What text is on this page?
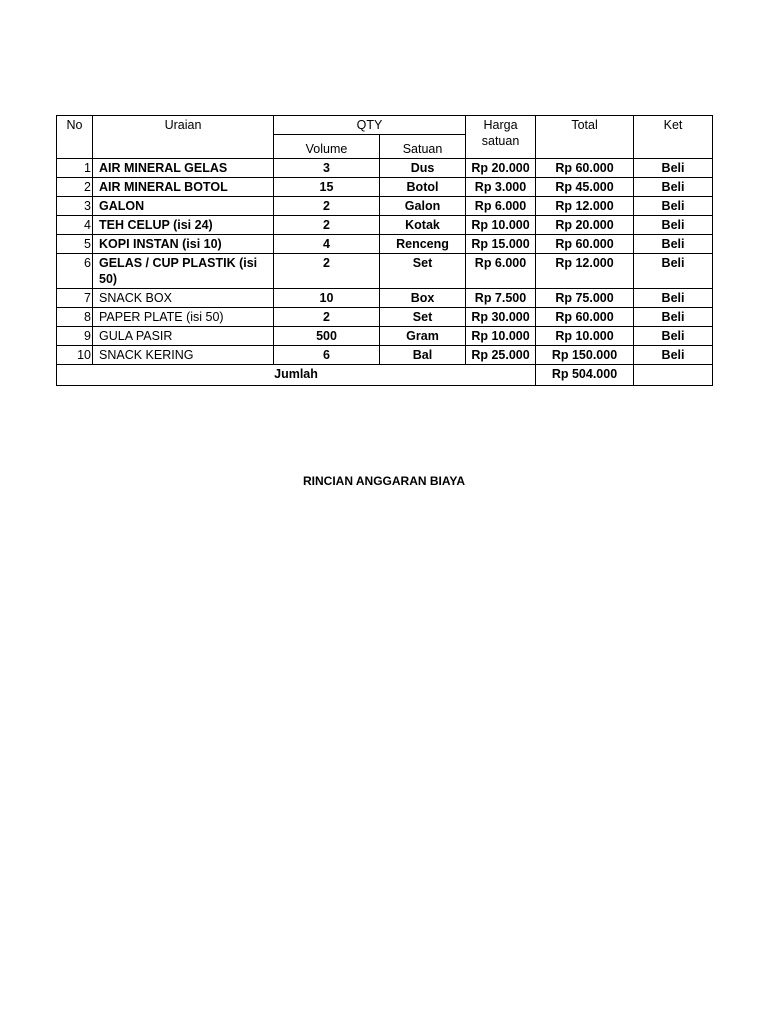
No	Uraian	QTY		Harga satuan	Total	Ket
		Volume	Satuan			
1	AIR MINERAL GELAS	3	Dus	Rp 20.000	Rp 60.000	Beli
2	AIR MINERAL BOTOL	15	Botol	Rp 3.000	Rp 45.000	Beli
3	GALON	2	Galon	Rp 6.000	Rp 12.000	Beli
4	TEH CELUP (isi 24)	2	Kotak	Rp 10.000	Rp 20.000	Beli
5	KOPI INSTAN (isi 10)	4	Renceng	Rp 15.000	Rp 60.000	Beli
6	GELAS / CUP PLASTIK (isi 50)	2	Set	Rp 6.000	Rp 12.000	Beli
7	SNACK BOX	10	Box	Rp 7.500	Rp 75.000	Beli
8	PAPER PLATE (isi 50)	2	Set	Rp 30.000	Rp 60.000	Beli
9	GULA PASIR	500	Gram	Rp 10.000	Rp 10.000	Beli
10	SNACK KERING	6	Bal	Rp 25.000	Rp 150.000	Beli
Jumlah					Rp 504.000	
RINCIAN ANGGARAN BIAYA
